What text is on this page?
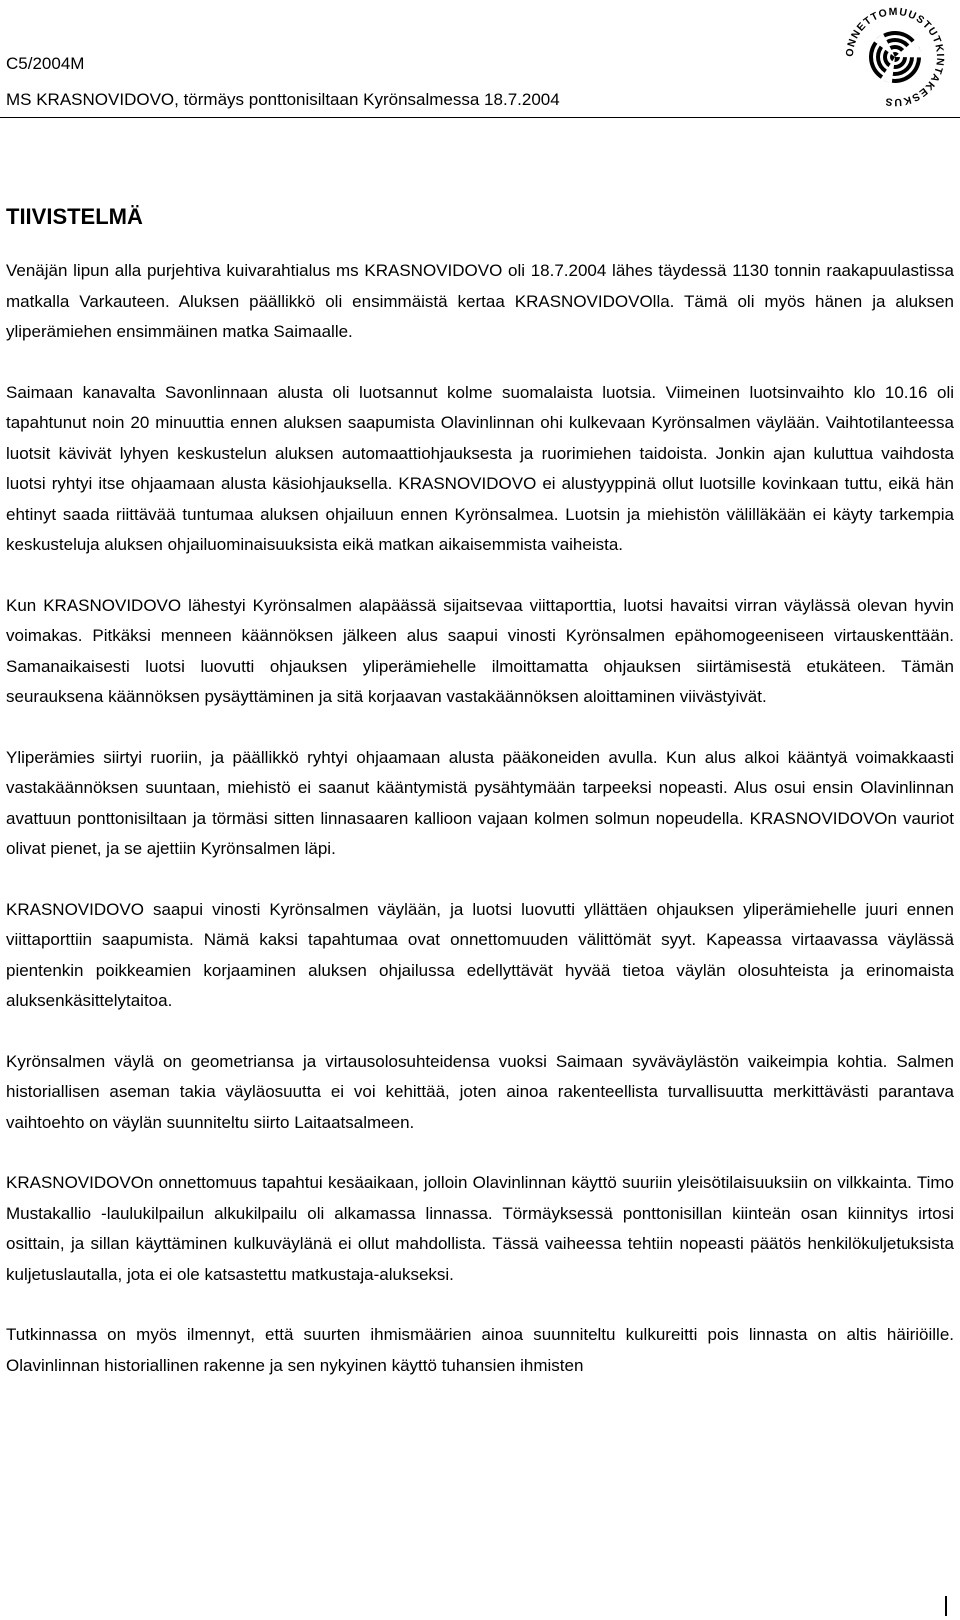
C5/2004M
MS KRASNOVIDOVO, törmäys ponttonisiltaan Kyrönsalmessa 18.7.2004
ONNETTOMUUSTUTKINTAKESKUS
TIIVISTELMÄ

Venäjän lipun alla purjehtiva kuivarahtialus ms KRASNOVIDOVO oli 18.7.2004 lähes täydessä 1130 tonnin raakapuulastissa matkalla Varkauteen. Aluksen päällikkö oli ensimmäistä kertaa KRASNOVIDOVOlla. Tämä oli myös hänen ja aluksen yliperämiehen ensimmäinen matka Saimaalle.

Saimaan kanavalta Savonlinnaan alusta oli luotsannut kolme suomalaista luotsia. Viimeinen luotsinvaihto klo 10.16 oli tapahtunut noin 20 minuuttia ennen aluksen saapumista Olavinlinnan ohi kulkevaan Kyrönsalmen väylään. Vaihtotilanteessa luotsit kävivät lyhyen keskustelun aluksen automaattiohjauksesta ja ruorimiehen taidoista. Jonkin ajan kuluttua vaihdosta luotsi ryhtyi itse ohjaamaan alusta käsiohjauksella. KRASNOVIDOVO ei alustyyppinä ollut luotsille kovinkaan tuttu, eikä hän ehtinyt saada riittävää tuntumaa aluksen ohjailuun ennen Kyrönsalmea. Luotsin ja miehistön välilläkään ei käyty tarkempia keskusteluja aluksen ohjailuominaisuuksista eikä matkan aikaisemmista vaiheista.

Kun KRASNOVIDOVO lähestyi Kyrönsalmen alapäässä sijaitsevaa viittaporttia, luotsi havaitsi virran väylässä olevan hyvin voimakas. Pitkäksi menneen käännöksen jälkeen alus saapui vinosti Kyrönsalmen epähomogeeniseen virtauskenttään. Samanaikaisesti luotsi luovutti ohjauksen yliperämiehelle ilmoittamatta ohjauksen siirtämisestä etukäteen. Tämän seurauksena käännöksen pysäyttäminen ja sitä korjaavan vastakäännöksen aloittaminen viivästyivät.

Yliperämies siirtyi ruoriin, ja päällikkö ryhtyi ohjaamaan alusta pääkoneiden avulla. Kun alus alkoi kääntyä voimakkaasti vastakäännöksen suuntaan, miehistö ei saanut kääntymistä pysähtymään tarpeeksi nopeasti. Alus osui ensin Olavinlinnan avattuun ponttonisiltaan ja törmäsi sitten linnasaaren kallioon vajaan kolmen solmun nopeudella. KRASNOVIDOVOn vauriot olivat pienet, ja se ajettiin Kyrönsalmen läpi.

KRASNOVIDOVO saapui vinosti Kyrönsalmen väylään, ja luotsi luovutti yllättäen ohjauksen yliperämiehelle juuri ennen viittaporttiin saapumista. Nämä kaksi tapahtumaa ovat onnettomuuden välittömät syyt. Kapeassa virtaavassa väylässä pientenkin poikkeamien korjaaminen aluksen ohjailussa edellyttävät hyvää tietoa väylän olosuhteista ja erinomaista aluksenkäsittelytaitoa.

Kyrönsalmen väylä on geometriansa ja virtausolosuhteidensa vuoksi Saimaan syväväylästön vaikeimpia kohtia. Salmen historiallisen aseman takia väyläosuutta ei voi kehittää, joten ainoa rakenteellista turvallisuutta merkittävästi parantava vaihtoehto on väylän suunniteltu siirto Laitaatsalmeen.

KRASNOVIDOVOn onnettomuus tapahtui kesäaikaan, jolloin Olavinlinnan käyttö suuriin yleisötilaisuuksiin on vilkkainta. Timo Mustakallio -laulukilpailun alkukilpailu oli alkamassa linnassa. Törmäyksessä ponttonisillan kiinteän osan kiinnitys irtosi osittain, ja sillan käyttäminen kulkuväylänä ei ollut mahdollista. Tässä vaiheessa tehtiin nopeasti päätös henkilökuljetuksista kuljetuslautalla, jota ei ole katsastettu matkustaja-alukseksi.

Tutkinnassa on myös ilmennyt, että suurten ihmismäärien ainoa suunniteltu kulkureitti pois linnasta on altis häiriöille. Olavinlinnan historiallinen rakenne ja sen nykyinen käyttö tuhansien ihmisten
